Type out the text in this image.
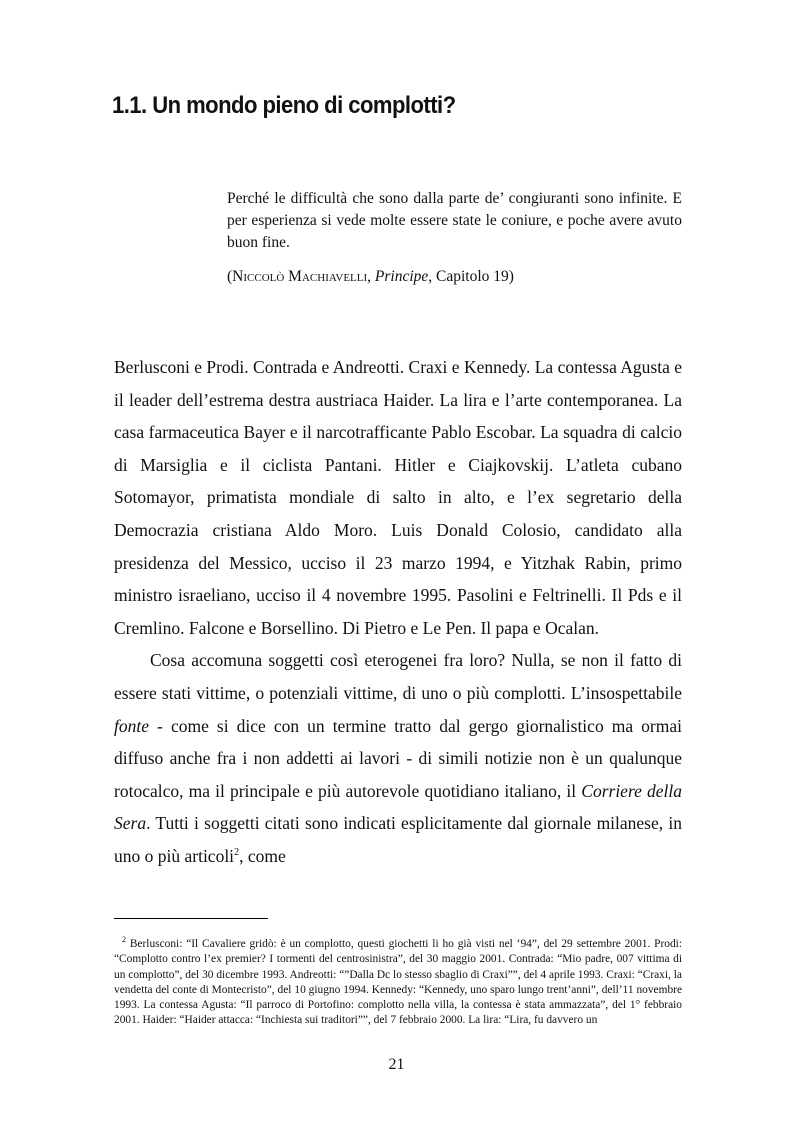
1.1. Un mondo pieno di complotti?

Perché le difficultà che sono dalla parte de’ congiuranti sono infinite. E per esperienza si vede molte essere state le coniure, e poche avere avuto buon fine.

(Niccolò Machiavelli, Principe, Capitolo 19)

Berlusconi e Prodi. Contrada e Andreotti. Craxi e Kennedy. La contessa Agusta e il leader dell’estrema destra austriaca Haider. La lira e l’arte contemporanea. La casa farmaceutica Bayer e il narcotrafficante Pablo Escobar. La squadra di calcio di Marsiglia e il ciclista Pantani. Hitler e Ciajkovskij. L’atleta cubano Sotomayor, primatista mondiale di salto in alto, e l’ex segretario della Democrazia cristiana Aldo Moro. Luis Donald Colosio, candidato alla presidenza del Messico, ucciso il 23 marzo 1994, e Yitzhak Rabin, primo ministro israeliano, ucciso il 4 novembre 1995. Pasolini e Feltrinelli. Il Pds e il Cremlino. Falcone e Borsellino. Di Pietro e Le Pen. Il papa e Ocalan.

Cosa accomuna soggetti così eterogenei fra loro? Nulla, se non il fatto di essere stati vittime, o potenziali vittime, di uno o più complotti. L’insospettabile fonte - come si dice con un termine tratto dal gergo giornalistico ma ormai diffuso anche fra i non addetti ai lavori - di simili notizie non è un qualunque rotocalco, ma il principale e più autorevole quotidiano italiano, il Corriere della Sera. Tutti i soggetti citati sono indicati esplicitamente dal giornale milanese, in uno o più articoli$^2$, come

$^2$ Berlusconi: “Il Cavaliere gridò: è un complotto, questi giochetti li ho già visti nel ‘94”, del 29 settembre 2001. Prodi: “Complotto contro l’ex premier? I tormenti del centrosinistra”, del 30 maggio 2001. Contrada: “Mio padre, 007 vittima di un complotto”, del 30 dicembre 1993. Andreotti: “”Dalla Dc lo stesso sbaglio di Craxi””, del 4 aprile 1993. Craxi: “Craxi, la vendetta del conte di Montecristo”, del 10 giugno 1994. Kennedy: “Kennedy, uno sparo lungo trent’anni”, dell’11 novembre 1993. La contessa Agusta: “Il parroco di Portofino: complotto nella villa, la contessa è stata ammazzata”, del 1° febbraio 2001. Haider: “Haider attacca: “Inchiesta sui traditori””, del 7 febbraio 2000. La lira: “Lira, fu davvero un

21
